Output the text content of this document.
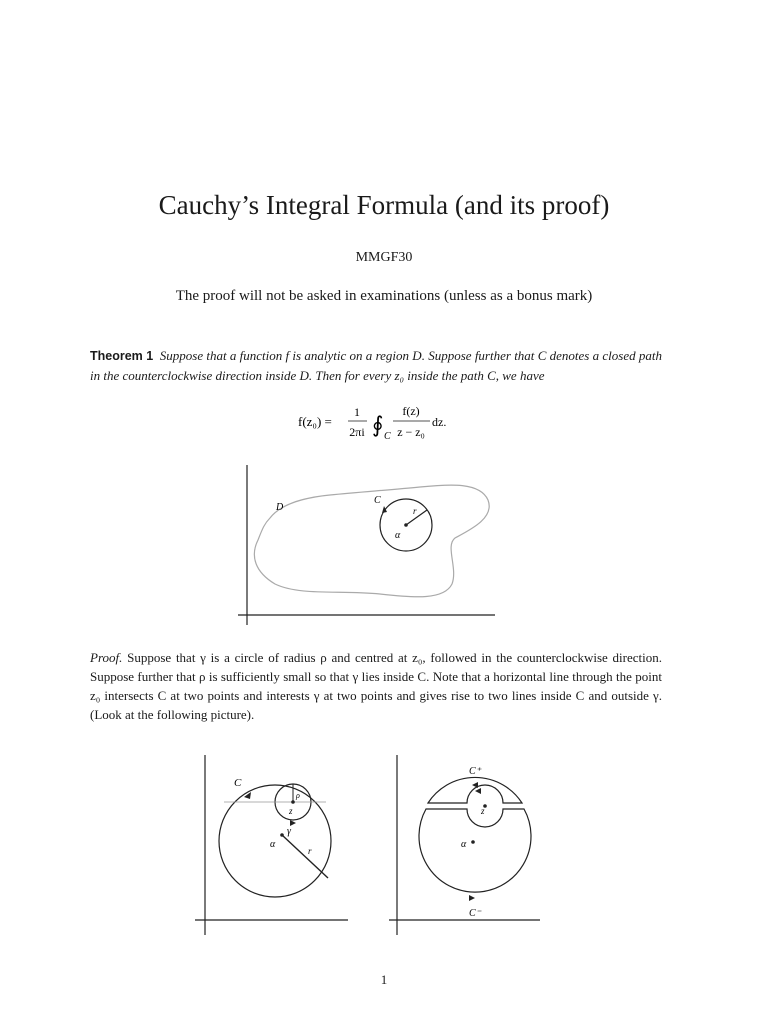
Cauchy’s Integral Formula (and its proof)
MMGF30
The proof will not be asked in examinations (unless as a bonus mark)
Theorem 1 Suppose that a function f is analytic on a region D. Suppose further that C denotes a closed path in the counterclockwise direction inside D. Then for every z₀ inside the path C, we have
f(z₀) =
1
2πi ∮ C
f(z)
z − z₀
dz.
D
C
r
α
Proof. Suppose that γ is a circle of radius ρ and centred at z₀, followed in the counterclockwise direction. Suppose further that ρ is sufficiently small so that γ lies inside C. Note that a horizontal line through the point z₀ intersects C at two points and interests γ at two points and gives rise to two lines inside C and outside γ. (Look at the following picture).
C
ρ
z
γ
α
r
C⁺
z
α
C⁻
1
